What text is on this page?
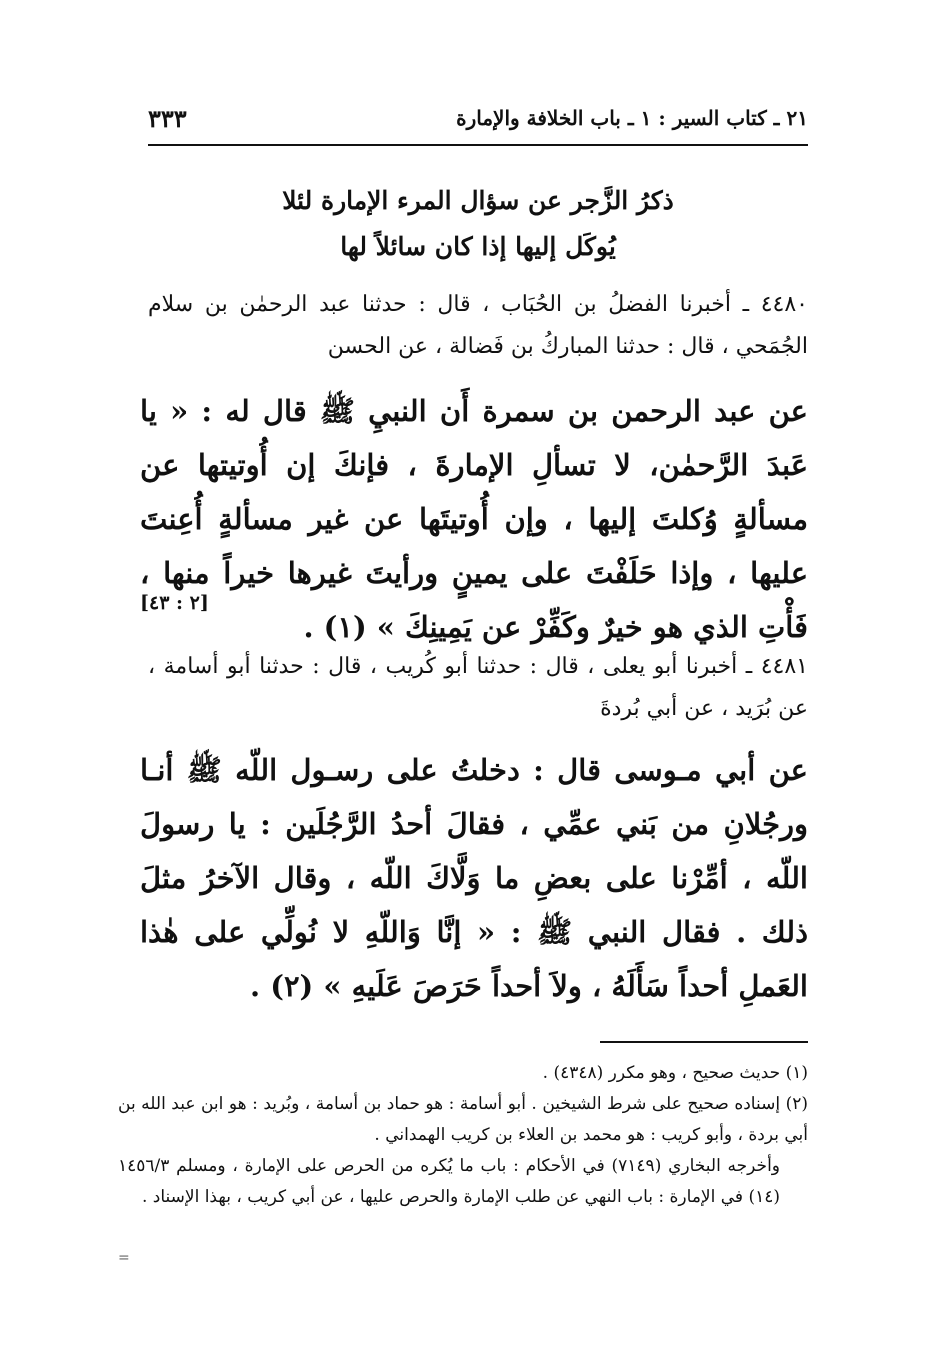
٢١ ـ كتاب السير : ١ ـ باب الخلافة والإمارة
٣٣٣
ذكرُ الزَّجر عن سؤال المرء الإمارة لئلا
يُوكَل إليها إذا كان سائلاً لها
٤٤٨٠ ـ أخبرنا الفضلُ بن الحُبَاب ، قال : حدثنا عبد الرحمٰن بن سلام الجُمَحي ، قال : حدثنا المباركُ بن فَضالة ، عن الحسن
عن عبد الرحمن بن سمرة أَن النبيِ ﷺ قال له : « يا عَبدَ الرَّحمٰن، لا تسألِ الإمارةَ ، فإنكَ إن أُوتيتها عن مسألةٍ وُكلتَ إليها ، وإن أُوتيتَها عن غير مسألةٍ أُعِنتَ عليها ، وإذا حَلَفْتَ على يمينٍ ورأيتَ غيرها خيراً منها ، فَأْتِ الذي هو خيرٌ وكَفِّرْ عن يَمِينِكَ » (١) .
[٢ : ٤٣]
٤٤٨١ ـ أخبرنا أبو يعلى ، قال : حدثنا أبو كُريب ، قال : حدثنا أبو أسامة ، عن بُرَيد ، عن أبي بُردةَ
عن أبي مـوسى قال : دخلتُ على رسـول اللّه ﷺ أنـا ورجُلانِ من بَني عمِّي ، فقالَ أحدُ الرَّجُلَين : يا رسولَ اللّه ، أمِّرْنا على بعضِ ما وَلَّاكَ اللّه ، وقال الآخرُ مثلَ ذلك . فقال النبي ﷺ : « إنَّا وَاللّهِ لا نُولِّي على هٰذا العَملِ أحداً سَأَلَهُ ، ولاَ أحداً حَرَصَ عَلَيهِ » (٢) .

(١) حديث صحيح ، وهو مكرر (٤٣٤٨) .

(٢) إسناده صحيح على شرط الشيخين . أبو أسامة : هو حماد بن أسامة ، وبُريد : هو ابن عبد الله بن أبي بردة ، وأبو كريب : هو محمد بن العلاء بن كريب الهمداني .

وأخرجه البخاري (٧١٤٩) في الأحكام : باب ما يُكره من الحرص على الإمارة ، ومسلم ١٤٥٦/٣ (١٤) في الإمارة : باب النهي عن طلب الإمارة والحرص عليها ، عن أبي كريب ، بهذا الإسناد .

=
